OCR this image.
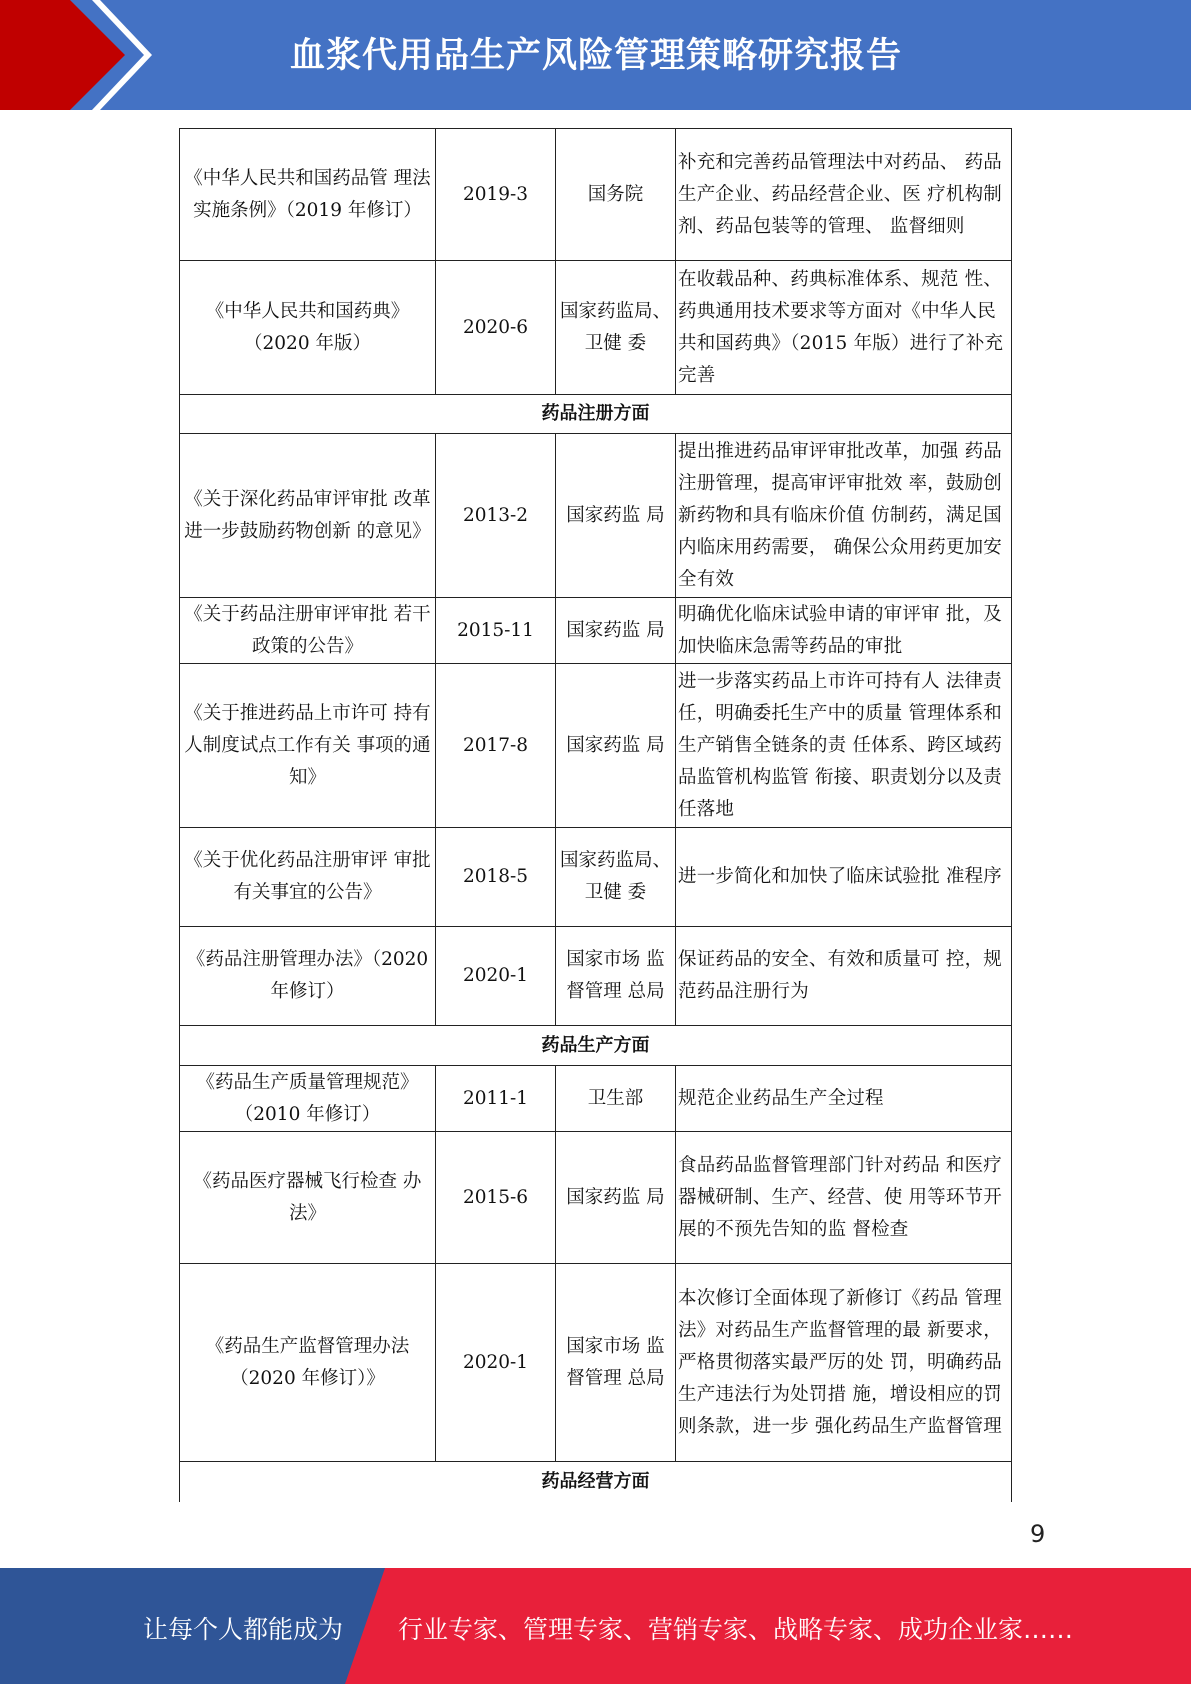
血浆代用品生产风险管理策略研究报告
《中华人民共和国药品管 理法实施条例》（2019 年修订）	2019-3	国务院	补充和完善药品管理法中对药品、 药品生产企业、药品经营企业、医 疗机构制剂、药品包装等的管理、 监督细则
《中华人民共和国药典》（2020 年版）	2020-6	国家药监局、卫健 委	在收载品种、药典标准体系、规范 性、药典通用技术要求等方面对《中华人民共和国药典》（2015 年版）进行了补充完善
药品注册方面			
《关于深化药品审评审批 改革进一步鼓励药物创新 的意见》	2013-2	国家药监 局	提出推进药品审评审批改革，加强 药品注册管理，提高审评审批效 率，鼓励创新药物和具有临床价值 仿制药，满足国内临床用药需要， 确保公众用药更加安全有效
《关于药品注册审评审批 若干政策的公告》	2015-11	国家药监 局	明确优化临床试验申请的审评审 批，及加快临床急需等药品的审批
《关于推进药品上市许可 持有人制度试点工作有关 事项的通知》	2017-8	国家药监 局	进一步落实药品上市许可持有人 法律责任，明确委托生产中的质量 管理体系和生产销售全链条的责 任体系、跨区域药品监管机构监管 衔接、职责划分以及责任落地
《关于优化药品注册审评 审批有关事宜的公告》	2018-5	国家药监局、卫健 委	进一步简化和加快了临床试验批 准程序
《药品注册管理办法》（2020 年修订）	2020-1	国家市场 监督管理 总局	保证药品的安全、有效和质量可 控，规范药品注册行为
药品生产方面			
《药品生产质量管理规范》（2010 年修订）	2011-1	卫生部	规范企业药品生产全过程
《药品医疗器械飞行检查 办法》	2015-6	国家药监 局	食品药品监督管理部门针对药品 和医疗器械研制、生产、经营、使 用等环节开展的不预先告知的监 督检查
《药品生产监督管理办法（2020 年修订）》	2020-1	国家市场 监督管理 总局	本次修订全面体现了新修订《药品 管理法》对药品生产监督管理的最 新要求，严格贯彻落实最严厉的处 罚，明确药品生产违法行为处罚措 施，增设相应的罚则条款，进一步 强化药品生产监督管理
药品经营方面			
9
让每个人都能成为 行业专家、管理专家、营销专家、战略专家、成功企业家……
